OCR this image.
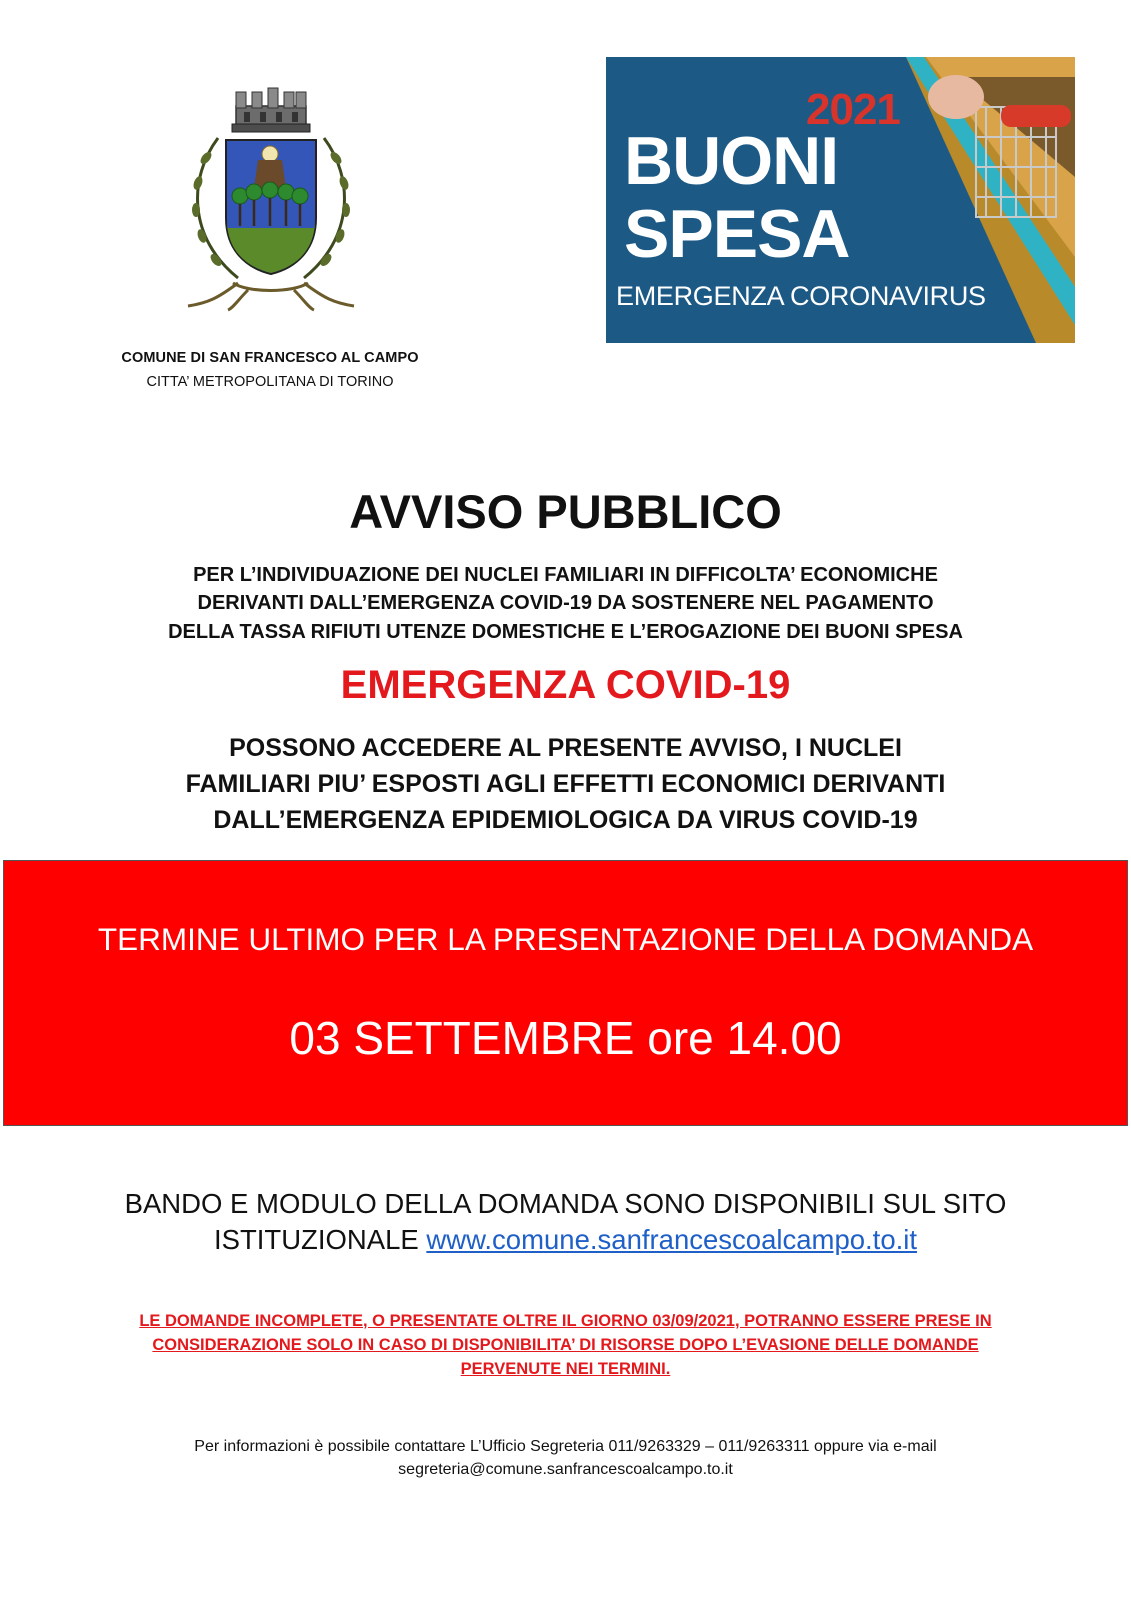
COMUNE DI SAN FRANCESCO AL CAMPO
CITTA’ METROPOLITANA DI TORINO
2021
BUONI
SPESA
EMERGENZA CORONAVIRUS
AVVISO PUBBLICO
PER L’INDIVIDUAZIONE DEI NUCLEI FAMILIARI IN DIFFICOLTA’ ECONOMICHE
DERIVANTI DALL’EMERGENZA COVID-19 DA SOSTENERE NEL PAGAMENTO
DELLA TASSA RIFIUTI UTENZE DOMESTICHE E L’EROGAZIONE DEI BUONI SPESA
EMERGENZA COVID-19
POSSONO ACCEDERE AL PRESENTE AVVISO, I NUCLEI
FAMILIARI PIU’ ESPOSTI AGLI EFFETTI ECONOMICI DERIVANTI
DALL’EMERGENZA EPIDEMIOLOGICA DA VIRUS COVID-19
TERMINE ULTIMO PER LA PRESENTAZIONE DELLA DOMANDA
03 SETTEMBRE ore 14.00
BANDO E MODULO DELLA DOMANDA SONO DISPONIBILI SUL SITO
ISTITUZIONALE www.comune.sanfrancescoalcampo.to.it
LE DOMANDE INCOMPLETE, O PRESENTATE OLTRE IL GIORNO 03/09/2021, POTRANNO ESSERE PRESE IN
CONSIDERAZIONE SOLO IN CASO DI DISPONIBILITA’ DI RISORSE DOPO L’EVASIONE DELLE DOMANDE
PERVENUTE NEI TERMINI.
Per informazioni è possibile contattare L’Ufficio Segreteria 011/9263329 – 011/9263311 oppure via e-mail
segreteria@comune.sanfrancescoalcampo.to.it
